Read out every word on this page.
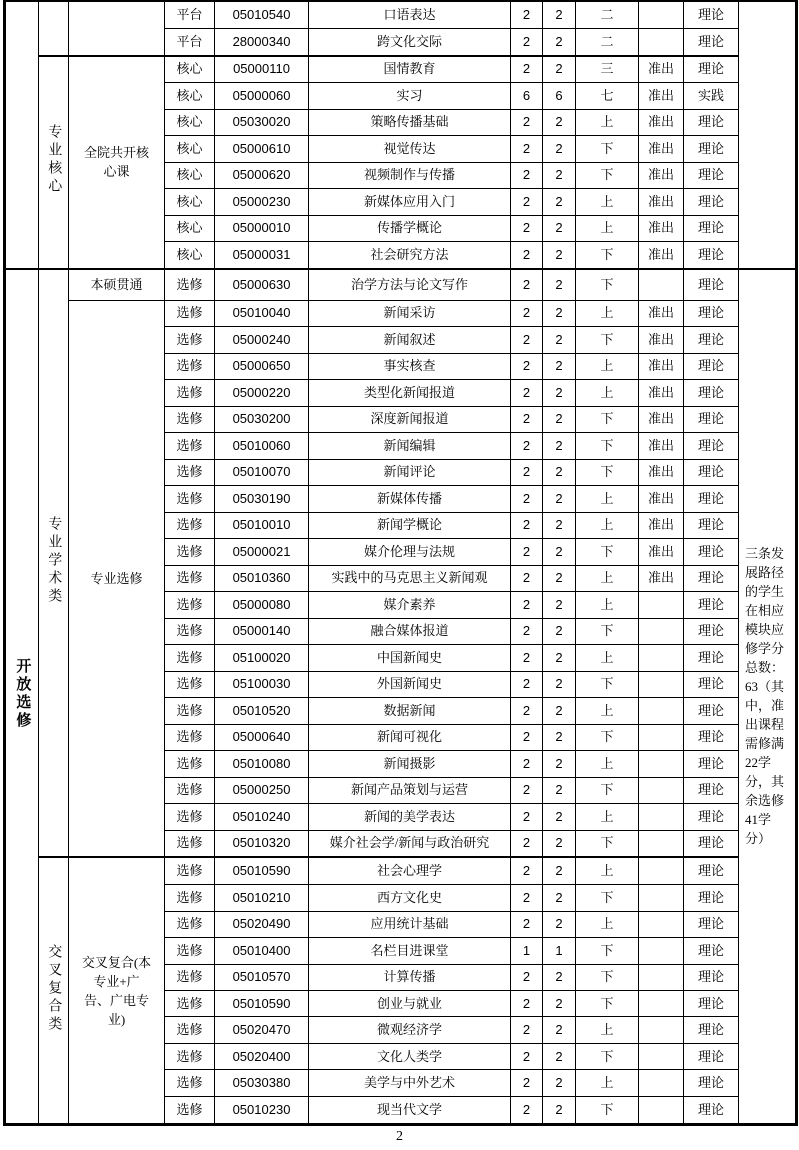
			平台	05010540	口语表达	2	2	二		理论	
			平台	28000340	跨文化交际	2	2	二		理论	
	专业核心	全院共开核心课	核心	05000110	国情教育	2	2	三	准出	理论	
			核心	05000060	实习	6	6	七	准出	实践	
			核心	05030020	策略传播基础	2	2	上	准出	理论	
			核心	05000610	视觉传达	2	2	下	准出	理论	
			核心	05000620	视频制作与传播	2	2	下	准出	理论	
			核心	05000230	新媒体应用入门	2	2	上	准出	理论	
			核心	05000010	传播学概论	2	2	上	准出	理论	
			核心	05000031	社会研究方法	2	2	下	准出	理论	
开放选修	专业学术类	本硕贯通	选修	05000630	治学方法与论文写作	2	2	下		理论	三条发展路径的学生在相应模块应修学分总数：63（其中，准出课程需修满22学分，其余选修41学分）
		专业选修	选修	05010040	新闻采访	2	2	上	准出	理论	
			选修	05000240	新闻叙述	2	2	下	准出	理论	
			选修	05000650	事实核查	2	2	上	准出	理论	
			选修	05000220	类型化新闻报道	2	2	上	准出	理论	
			选修	05030200	深度新闻报道	2	2	下	准出	理论	
			选修	05010060	新闻编辑	2	2	下	准出	理论	
			选修	05010070	新闻评论	2	2	下	准出	理论	
			选修	05030190	新媒体传播	2	2	上	准出	理论	
			选修	05010010	新闻学概论	2	2	上	准出	理论	
			选修	05000021	媒介伦理与法规	2	2	下	准出	理论	
			选修	05010360	实践中的马克思主义新闻观	2	2	上	准出	理论	
			选修	05000080	媒介素养	2	2	上		理论	
			选修	05000140	融合媒体报道	2	2	下		理论	
			选修	05100020	中国新闻史	2	2	上		理论	
			选修	05100030	外国新闻史	2	2	下		理论	
			选修	05010520	数据新闻	2	2	上		理论	
			选修	05000640	新闻可视化	2	2	下		理论	
			选修	05010080	新闻摄影	2	2	上		理论	
			选修	05000250	新闻产品策划与运营	2	2	下		理论	
			选修	05010240	新闻的美学表达	2	2	上		理论	
			选修	05010320	媒介社会学/新闻与政治研究	2	2	下		理论	
	交叉复合类	交叉复合(本专业+广告、广电专业)	选修	05010590	社会心理学	2	2	上		理论	
			选修	05010210	西方文化史	2	2	下		理论	
			选修	05020490	应用统计基础	2	2	上		理论	
			选修	05010400	名栏目进课堂	1	1	下		理论	
			选修	05010570	计算传播	2	2	下		理论	
			选修	05010590	创业与就业	2	2	下		理论	
			选修	05020470	微观经济学	2	2	上		理论	
			选修	05020400	文化人类学	2	2	下		理论	
			选修	05030380	美学与中外艺术	2	2	上		理论	
			选修	05010230	现当代文学	2	2	下		理论	
2
